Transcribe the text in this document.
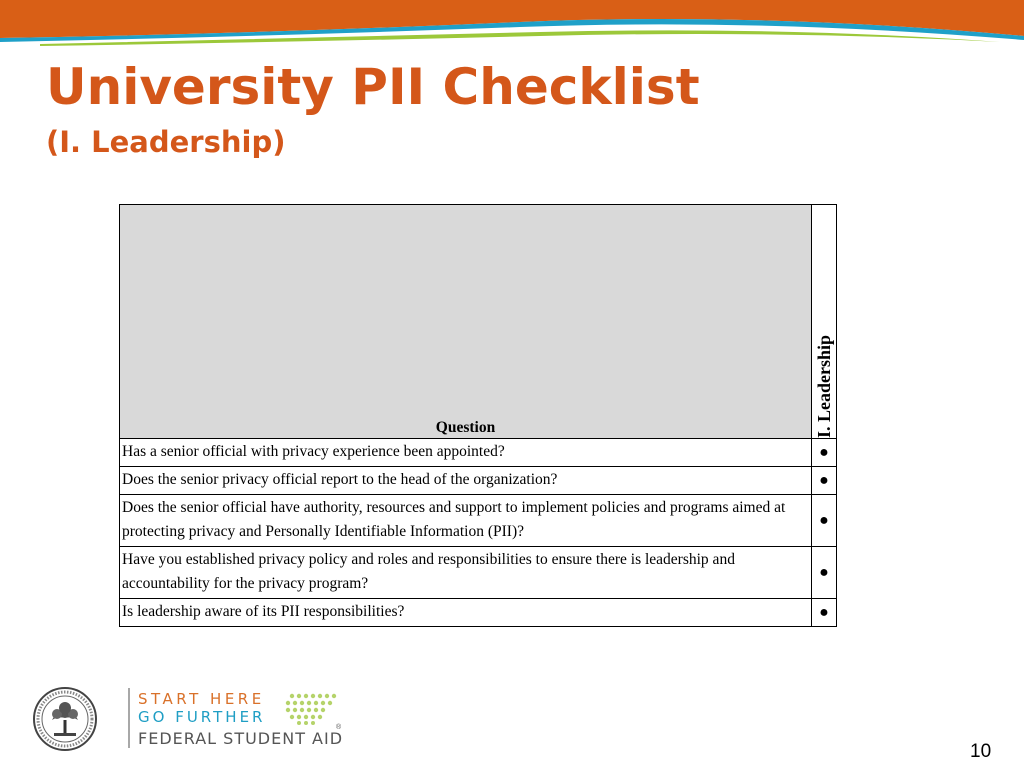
University PII Checklist
(I. Leadership)
Question	I. Leadership

Has a senior official with privacy experience been appointed?	●
Does the senior privacy official report to the head of the organization?	●
Does the senior official have authority, resources and support to implement policies and programs aimed at protecting privacy and Personally Identifiable Information (PII)?	●
Have you established privacy policy and roles and responsibilities to ensure there is leadership and accountability for the privacy program?	●
Is leadership aware of its PII responsibilities?	●
START HERE
GO FURTHER
FEDERAL STUDENT AID
®
10
